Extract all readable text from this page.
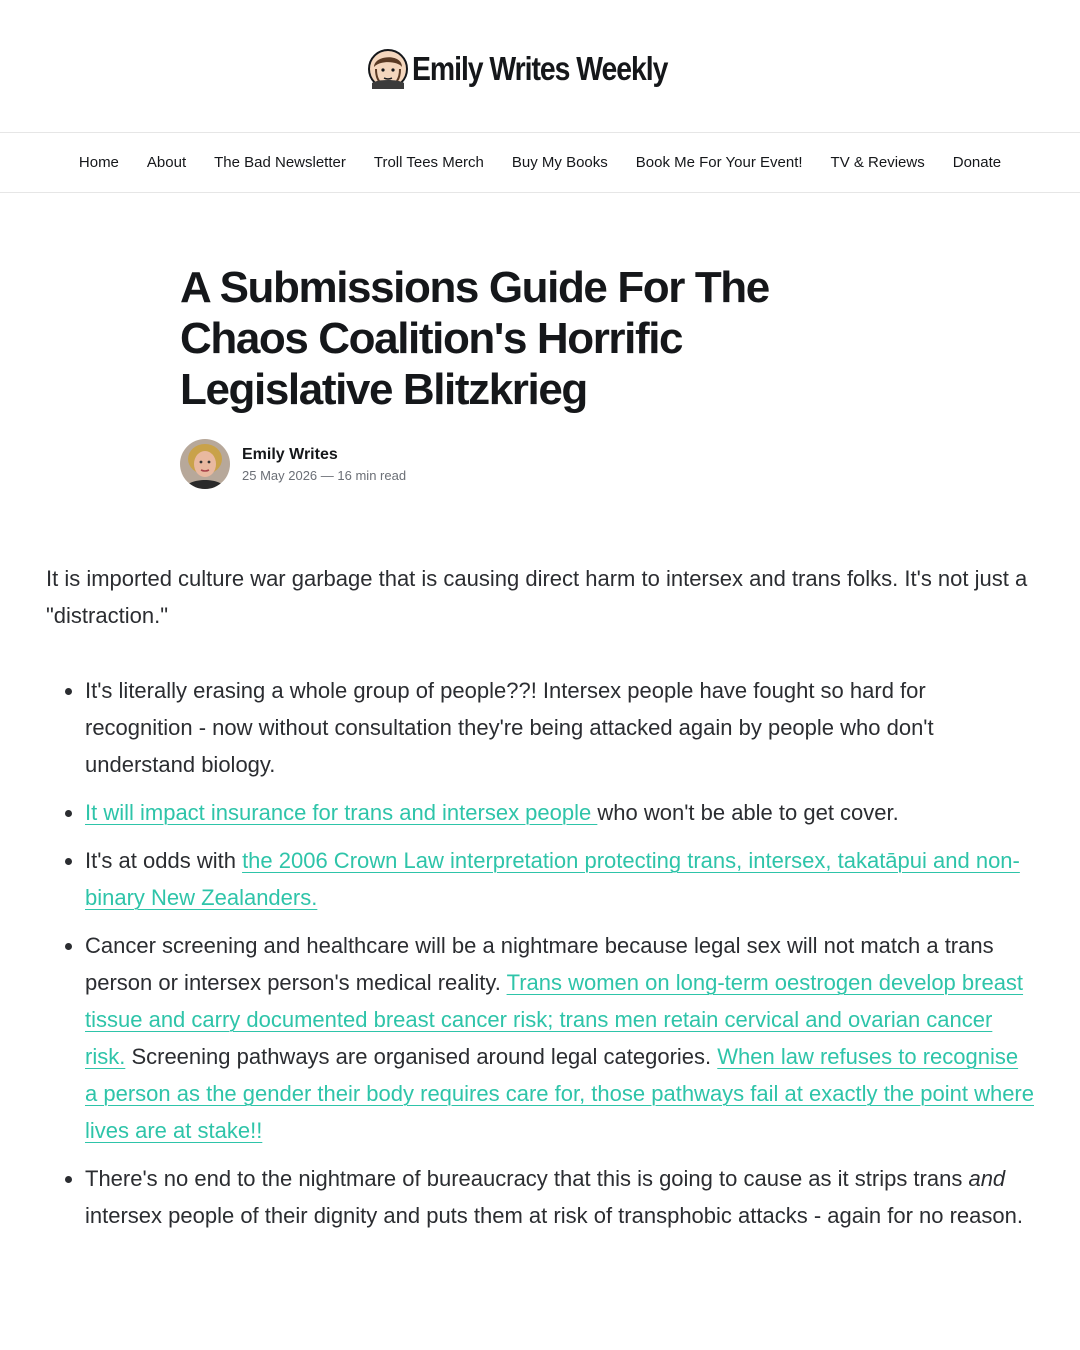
Emily Writes Weekly
Home About The Bad Newsletter Troll Tees Merch Buy My Books Book Me For Your Event! TV & Reviews Donate
A Submissions Guide For The Chaos Coalition's Horrific Legislative Blitzkrieg
Emily Writes
25 May 2026 — 16 min read

It is imported culture war garbage that is causing direct harm to intersex and trans folks. It's not just a "distraction."

• It's literally erasing a whole group of people??! Intersex people have fought so hard for recognition - now without consultation they're being attacked again by people who don't understand biology.
• It will impact insurance for trans and intersex people who won't be able to get cover.
• It's at odds with the 2006 Crown Law interpretation protecting trans, intersex, takatāpui and non-binary New Zealanders.
• Cancer screening and healthcare will be a nightmare because legal sex will not match a trans person or intersex person's medical reality. Trans women on long-term oestrogen develop breast tissue and carry documented breast cancer risk; trans men retain cervical and ovarian cancer risk. Screening pathways are organised around legal categories. When law refuses to recognise a person as the gender their body requires care for, those pathways fail at exactly the point where lives are at stake!!
• There's no end to the nightmare of bureaucracy that this is going to cause as it strips trans and intersex people of their dignity and puts them at risk of transphobic attacks - again for no reason.
